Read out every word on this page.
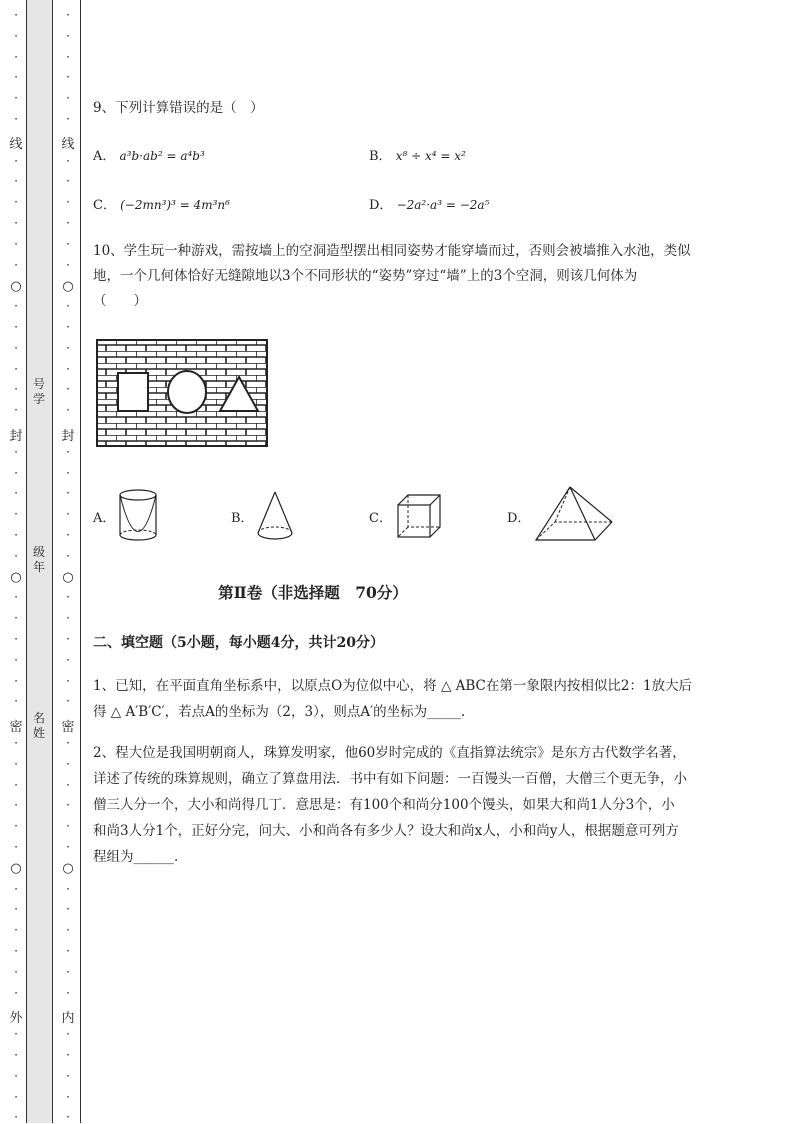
·
·
·
·
·
·
·
·
·
·
·
·
·
·
·
·
·
·
·
·
·
·
·
·
·
·
·
·
·
·
·
·
·
·
·
·
·
·
·
·
·
·
·
·
·
·
·
·
·
·
·
·
·
·
·
·
·
·
·
·
·
·
·
·
·
·
·
·
·
·
·
·
·
·
·
·
·
·
·
·
·
·
·
·
·
·
·
·
·
·
·
·
·
·
线
封
密
外
线
封
密
内
○
○
○
○
○
○
号
学
级
年
名
姓
9、下列计算错误的是（　）
A． a³b·ab² = a⁴b³	B． x⁸ ÷ x⁴ = x²
C． (−2mn³)³ = 4m³n⁶	D． −2a²·a³ = −2a⁵
10、学生玩一种游戏，需按墙上的空洞造型摆出相同姿势才能穿墙而过，否则会被墙推入水池，类似
地，一个几何体恰好无缝隙地以3个不同形状的“姿势”穿过“墙”上的3个空洞，则该几何体为
（　　）
A．	B．	C．	D．
第Ⅱ卷（非选择题　70分）
二、填空题（5小题，每小题4分，共计20分）
1、已知，在平面直角坐标系中，以原点O为位似中心，将 △ ABC在第一象限内按相似比2：1放大后
得 △ A′B′C′，若点A的坐标为（2，3），则点A′的坐标为_____.
2、程大位是我国明朝商人，珠算发明家，他60岁时完成的《直指算法统宗》是东方古代数学名著，
详述了传统的珠算规则，确立了算盘用法．书中有如下问题：一百馒头一百僧，大僧三个更无争，小
僧三人分一个，大小和尚得几丁．意思是：有100个和尚分100个馒头，如果大和尚1人分3个，小
和尚3人分1个，正好分完，问大、小和尚各有多少人？设大和尚x人，小和尚y人，根据题意可列方
程组为______.
